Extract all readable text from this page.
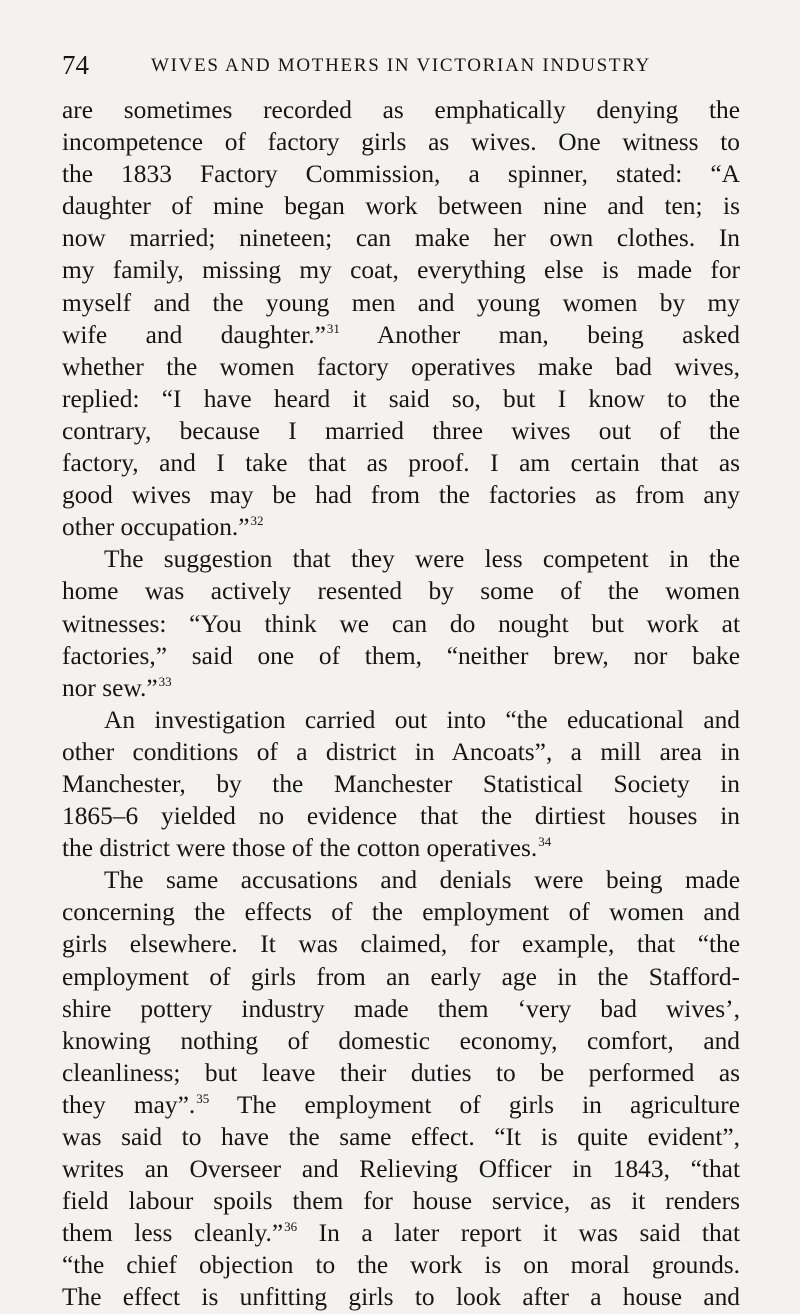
74	WIVES AND MOTHERS IN VICTORIAN INDUSTRY
are sometimes recorded as emphatically denying the
incompetence of factory girls as wives. One witness to
the 1833 Factory Commission, a spinner, stated: “A
daughter of mine began work between nine and ten; is
now married; nineteen; can make her own clothes. In
my family, missing my coat, everything else is made for
myself and the young men and young women by my
wife and daughter.”$^{31}$ Another man, being asked
whether the women factory operatives make bad wives,
replied: “I have heard it said so, but I know to the
contrary, because I married three wives out of the
factory, and I take that as proof. I am certain that as
good wives may be had from the factories as from any
other occupation.”$^{32}$
The suggestion that they were less competent in the
home was actively resented by some of the women
witnesses: “You think we can do nought but work at
factories,” said one of them, “neither brew, nor bake
nor sew.”$^{33}$
An investigation carried out into “the educational and
other conditions of a district in Ancoats”, a mill area in
Manchester, by the Manchester Statistical Society in
1865–6 yielded no evidence that the dirtiest houses in
the district were those of the cotton operatives.$^{34}$
The same accusations and denials were being made
concerning the effects of the employment of women and
girls elsewhere. It was claimed, for example, that “the
employment of girls from an early age in the Stafford-
shire pottery industry made them ‘very bad wives’,
knowing nothing of domestic economy, comfort, and
cleanliness; but leave their duties to be performed as
they may”.$^{35}$ The employment of girls in agriculture
was said to have the same effect. “It is quite evident”,
writes an Overseer and Relieving Officer in 1843, “that
field labour spoils them for house service, as it renders
them less cleanly.”$^{36}$ In a later report it was said that
“the chief objection to the work is on moral grounds.
The effect is unfitting girls to look after a house and
